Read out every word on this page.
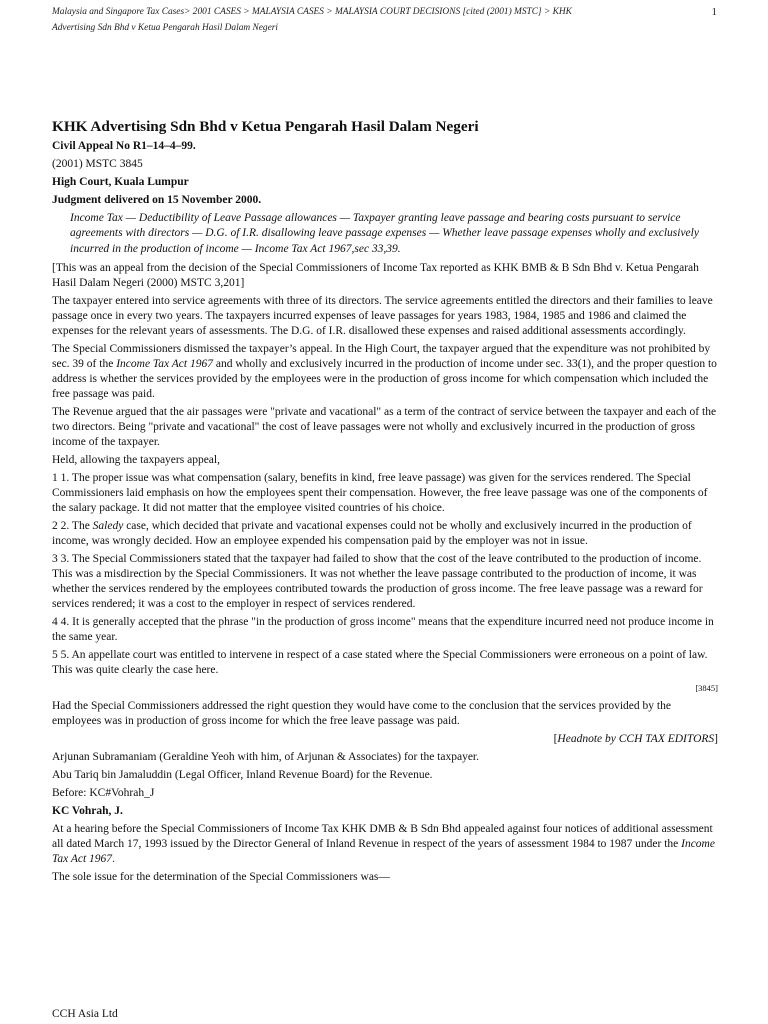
Malaysia and Singapore Tax Cases> 2001 CASES > MALAYSIA CASES > MALAYSIA COURT DECISIONS [cited (2001) MSTC] > KHK
Advertising Sdn Bhd v Ketua Pengarah Hasil Dalam Negeri
1
KHK Advertising Sdn Bhd v Ketua Pengarah Hasil Dalam Negeri

Civil Appeal No R1–14–4–99.

(2001) MSTC 3845

High Court, Kuala Lumpur

Judgment delivered on 15 November 2000.

Income Tax — Deductibility of Leave Passage allowances — Taxpayer granting leave passage and bearing costs pursuant to service agreements with directors — D.G. of I.R. disallowing leave passage expenses — Whether leave passage expenses wholly and exclusively incurred in the production of income — Income Tax Act 1967,sec 33,39.

[This was an appeal from the decision of the Special Commissioners of Income Tax reported as KHK BMB & B Sdn Bhd v. Ketua Pengarah Hasil Dalam Negeri (2000) MSTC 3,201]

The taxpayer entered into service agreements with three of its directors. The service agreements entitled the directors and their families to leave passage once in every two years. The taxpayers incurred expenses of leave passages for years 1983, 1984, 1985 and 1986 and claimed the expenses for the relevant years of assessments. The D.G. of I.R. disallowed these expenses and raised additional assessments accordingly.

The Special Commissioners dismissed the taxpayer’s appeal. In the High Court, the taxpayer argued that the expenditure was not prohibited by sec. 39 of the Income Tax Act 1967 and wholly and exclusively incurred in the production of income under sec. 33(1), and the proper question to address is whether the services provided by the employees were in the production of gross income for which compensation which included the free passage was paid.

The Revenue argued that the air passages were "private and vacational" as a term of the contract of service between the taxpayer and each of the two directors. Being "private and vacational" the cost of leave passages were not wholly and exclusively incurred in the production of gross income of the taxpayer.

Held, allowing the taxpayers appeal,

1 1. The proper issue was what compensation (salary, benefits in kind, free leave passage) was given for the services rendered. The Special Commissioners laid emphasis on how the employees spent their compensation. However, the free leave passage was one of the components of the salary package. It did not matter that the employee visited countries of his choice.

2 2. The Saledy case, which decided that private and vacational expenses could not be wholly and exclusively incurred in the production of income, was wrongly decided. How an employee expended his compensation paid by the employer was not in issue.

3 3. The Special Commissioners stated that the taxpayer had failed to show that the cost of the leave contributed to the production of income. This was a misdirection by the Special Commissioners. It was not whether the leave passage contributed to the production of income, it was whether the services rendered by the employees contributed towards the production of gross income. The free leave passage was a reward for services rendered; it was a cost to the employer in respect of services rendered.

4 4. It is generally accepted that the phrase "in the production of gross income" means that the expenditure incurred need not produce income in the same year.

5 5. An appellate court was entitled to intervene in respect of a case stated where the Special Commissioners were erroneous on a point of law. This was quite clearly the case here.

[3845]

Had the Special Commissioners addressed the right question they would have come to the conclusion that the services provided by the employees was in production of gross income for which the free leave passage was paid.

[Headnote by CCH TAX EDITORS]

Arjunan Subramaniam (Geraldine Yeoh with him, of Arjunan & Associates) for the taxpayer.

Abu Tariq bin Jamaluddin (Legal Officer, Inland Revenue Board) for the Revenue.

Before: KC#Vohrah_J

KC Vohrah, J.

At a hearing before the Special Commissioners of Income Tax KHK DMB & B Sdn Bhd appealed against four notices of additional assessment all dated March 17, 1993 issued by the Director General of Inland Revenue in respect of the years of assessment 1984 to 1987 under the Income Tax Act 1967.

The sole issue for the determination of the Special Commissioners was—

CCH Asia Ltd
